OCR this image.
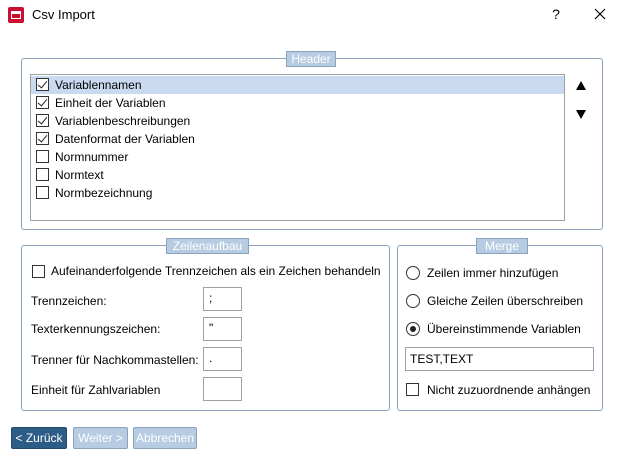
Csv Import	?
Header
Variablennamen
Einheit der Variablen
Variablenbeschreibungen
Datenformat der Variablen
Normnummer
Normtext
Normbezeichnung
Zeilenaufbau
Aufeinanderfolgende Trennzeichen als ein Zeichen behandeln
Trennzeichen:	;
Texterkennungszeichen:	"
Trenner für Nachkommastellen: .
Einheit für Zahlvariablen
Merge
Zeilen immer hinzufügen
Gleiche Zeilen überschreiben
Übereinstimmende Variablen
TEST,TEXT
Nicht zuzuordnende anhängen
< Zurück	Weiter >	Abbrechen
